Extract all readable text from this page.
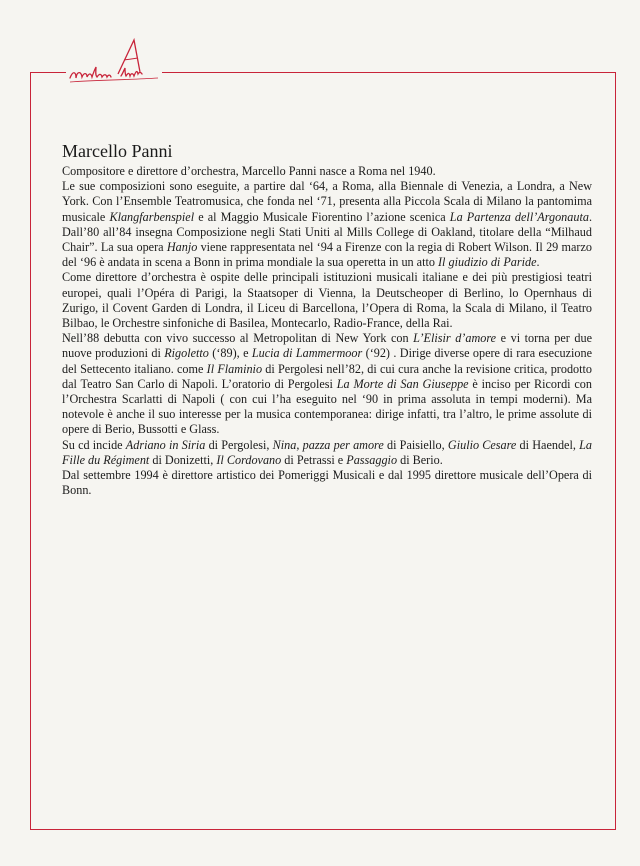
Marcello Panni

Compositore e direttore d’orchestra, Marcello Panni nasce a Roma nel 1940.

Le sue composizioni sono eseguite, a partire dal ‘64, a Roma, alla Biennale di Venezia, a Londra, a New York. Con l’Ensemble Teatromusica, che fonda nel ‘71, presenta alla Piccola Scala di Milano la pantomima musicale Klangfarbenspiel e al Maggio Musicale Fiorentino l’azione scenica La Partenza dell’Argonauta. Dall’80 all’84 insegna Composizione negli Stati Uniti al Mills College di Oakland, titolare della “Milhaud Chair”. La sua opera Hanjo viene rappresentata nel ‘94 a Firenze con la regia di Robert Wilson. Il 29 marzo del ‘96 è andata in scena a Bonn in prima mondiale la sua operetta in un atto Il giudizio di Paride.

Come direttore d’orchestra è ospite delle principali istituzioni musicali italiane e dei più prestigiosi teatri europei, quali l’Opéra di Parigi, la Staatsoper di Vienna, la Deutscheoper di Berlino, lo Opernhaus di Zurigo, il Covent Garden di Londra, il Liceu di Barcellona, l’Opera di Roma, la Scala di Milano, il Teatro Bilbao, le Orchestre sinfoniche di Basilea, Montecarlo, Radio-France, della Rai.

Nell’88 debutta con vivo successo al Metropolitan di New York con L’Elisir d’amore e vi torna per due nuove produzioni di Rigoletto (‘89), e Lucia di Lammermoor (‘92) . Dirige diverse opere di rara esecuzione del Settecento italiano. come Il Flaminio di Pergolesi nell’82, di cui cura anche la revisione critica, prodotto dal Teatro San Carlo di Napoli. L’oratorio di Pergolesi La Morte di San Giuseppe è inciso per Ricordi con l’Orchestra Scarlatti di Napoli ( con cui l’ha eseguito nel ‘90 in prima assoluta in tempi moderni). Ma notevole è anche il suo interesse per la musica contemporanea: dirige infatti, tra l’altro, le prime assolute di opere di Berio, Bussotti e Glass.

Su cd incide Adriano in Siria di Pergolesi, Nina, pazza per amore di Paisiello, Giulio Cesare di Haendel, La Fille du Régiment di Donizetti, Il Cordovano di Petrassi e Passaggio di Berio.

Dal settembre 1994 è direttore artistico dei Pomeriggi Musicali e dal 1995 direttore musicale dell’Opera di Bonn.
